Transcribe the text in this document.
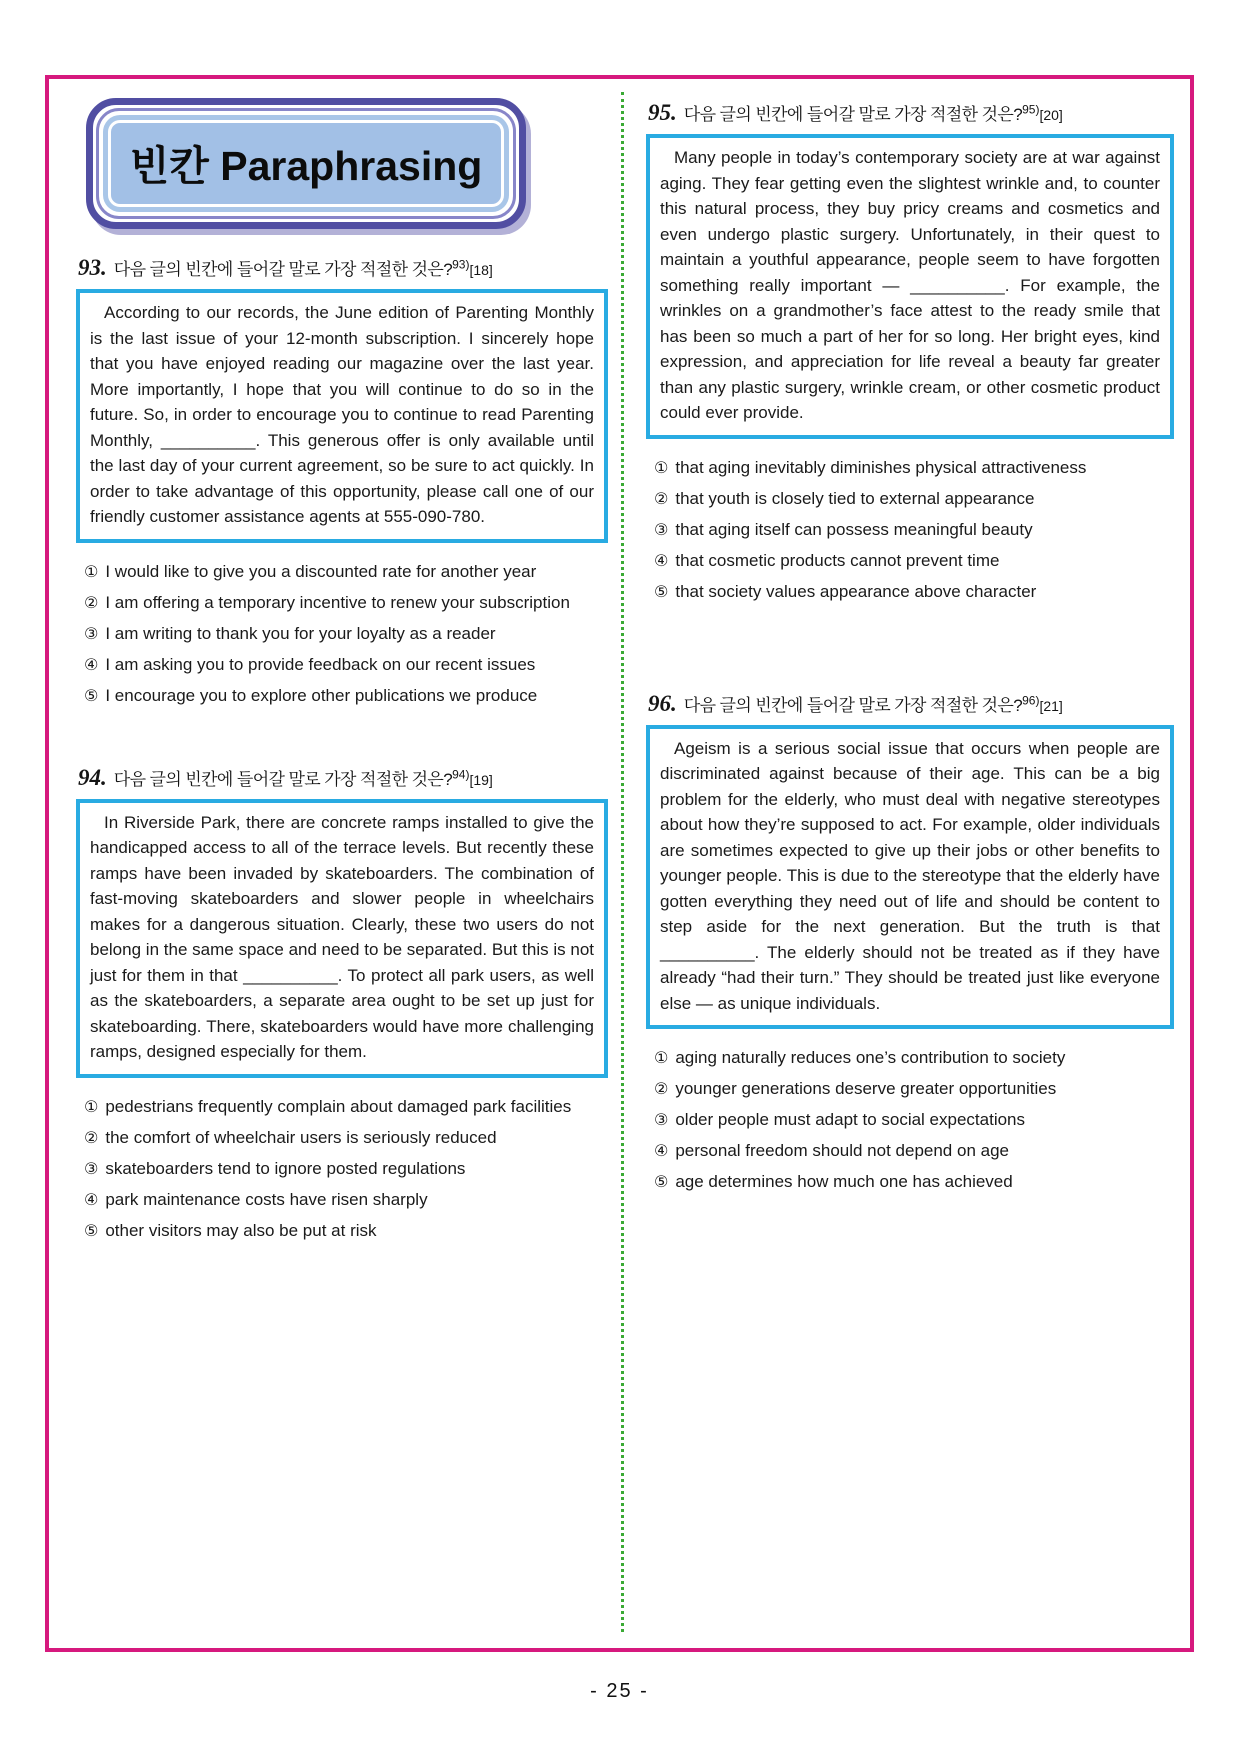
빈칸 Paraphrasing
93. 다음 글의 빈칸에 들어갈 말로 가장 적절한 것은?$^{93)}$[18]
According to our records, the June edition of Parenting Monthly is the last issue of your 12-month subscription. I sincerely hope that you have enjoyed reading our magazine over the last year. More importantly, I hope that you will continue to do so in the future. So, in order to encourage you to continue to read Parenting Monthly, __________. This generous offer is only available until the last day of your current agreement, so be sure to act quickly. In order to take advantage of this opportunity, please call one of our friendly customer assistance agents at 555-090-780.
① I would like to give you a discounted rate for another year
② I am offering a temporary incentive to renew your subscription
③ I am writing to thank you for your loyalty as a reader
④ I am asking you to provide feedback on our recent issues
⑤ I encourage you to explore other publications we produce
94. 다음 글의 빈칸에 들어갈 말로 가장 적절한 것은?$^{94)}$[19]
In Riverside Park, there are concrete ramps installed to give the handicapped access to all of the terrace levels. But recently these ramps have been invaded by skateboarders. The combination of fast-moving skateboarders and slower people in wheelchairs makes for a dangerous situation. Clearly, these two users do not belong in the same space and need to be separated. But this is not just for them in that __________. To protect all park users, as well as the skateboarders, a separate area ought to be set up just for skateboarding. There, skateboarders would have more challenging ramps, designed especially for them.
① pedestrians frequently complain about damaged park facilities
② the comfort of wheelchair users is seriously reduced
③ skateboarders tend to ignore posted regulations
④ park maintenance costs have risen sharply
⑤ other visitors may also be put at risk
95. 다음 글의 빈칸에 들어갈 말로 가장 적절한 것은?$^{95)}$[20]
Many people in today’s contemporary society are at war against aging. They fear getting even the slightest wrinkle and, to counter this natural process, they buy pricy creams and cosmetics and even undergo plastic surgery. Unfortunately, in their quest to maintain a youthful appearance, people seem to have forgotten something really important — __________. For example, the wrinkles on a grandmother’s face attest to the ready smile that has been so much a part of her for so long. Her bright eyes, kind expression, and appreciation for life reveal a beauty far greater than any plastic surgery, wrinkle cream, or other cosmetic product could ever provide.
① that aging inevitably diminishes physical attractiveness
② that youth is closely tied to external appearance
③ that aging itself can possess meaningful beauty
④ that cosmetic products cannot prevent time
⑤ that society values appearance above character
96. 다음 글의 빈칸에 들어갈 말로 가장 적절한 것은?$^{96)}$[21]
Ageism is a serious social issue that occurs when people are discriminated against because of their age. This can be a big problem for the elderly, who must deal with negative stereotypes about how they’re supposed to act. For example, older individuals are sometimes expected to give up their jobs or other benefits to younger people. This is due to the stereotype that the elderly have gotten everything they need out of life and should be content to step aside for the next generation. But the truth is that __________. The elderly should not be treated as if they have already “had their turn.” They should be treated just like everyone else — as unique individuals.
① aging naturally reduces one’s contribution to society
② younger generations deserve greater opportunities
③ older people must adapt to social expectations
④ personal freedom should not depend on age
⑤ age determines how much one has achieved
- 25 -
